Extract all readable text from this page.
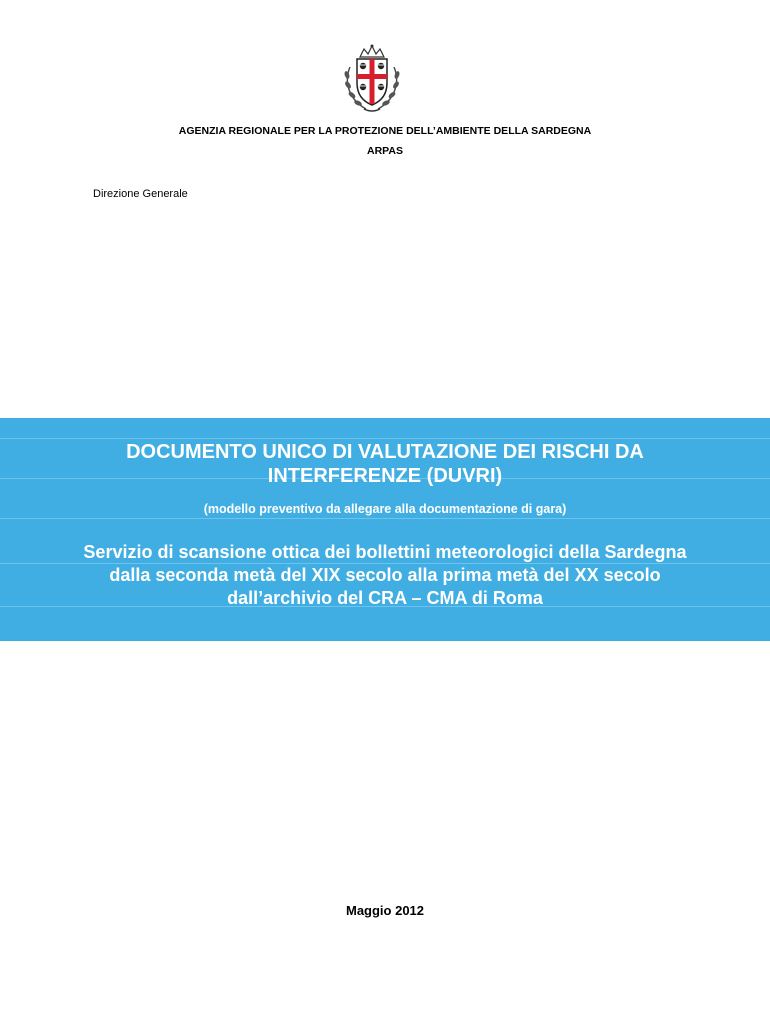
AGENZIA REGIONALE PER LA PROTEZIONE DELL’AMBIENTE DELLA SARDEGNA
ARPAS
Direzione Generale
DOCUMENTO UNICO DI VALUTAZIONE DEI RISCHI DA
INTERFERENZE (DUVRI)
(modello preventivo da allegare alla documentazione di gara)
Servizio di scansione ottica dei bollettini meteorologici della Sardegna
dalla seconda metà del XIX secolo alla prima metà del XX secolo
dall’archivio del CRA – CMA di Roma
Maggio 2012
